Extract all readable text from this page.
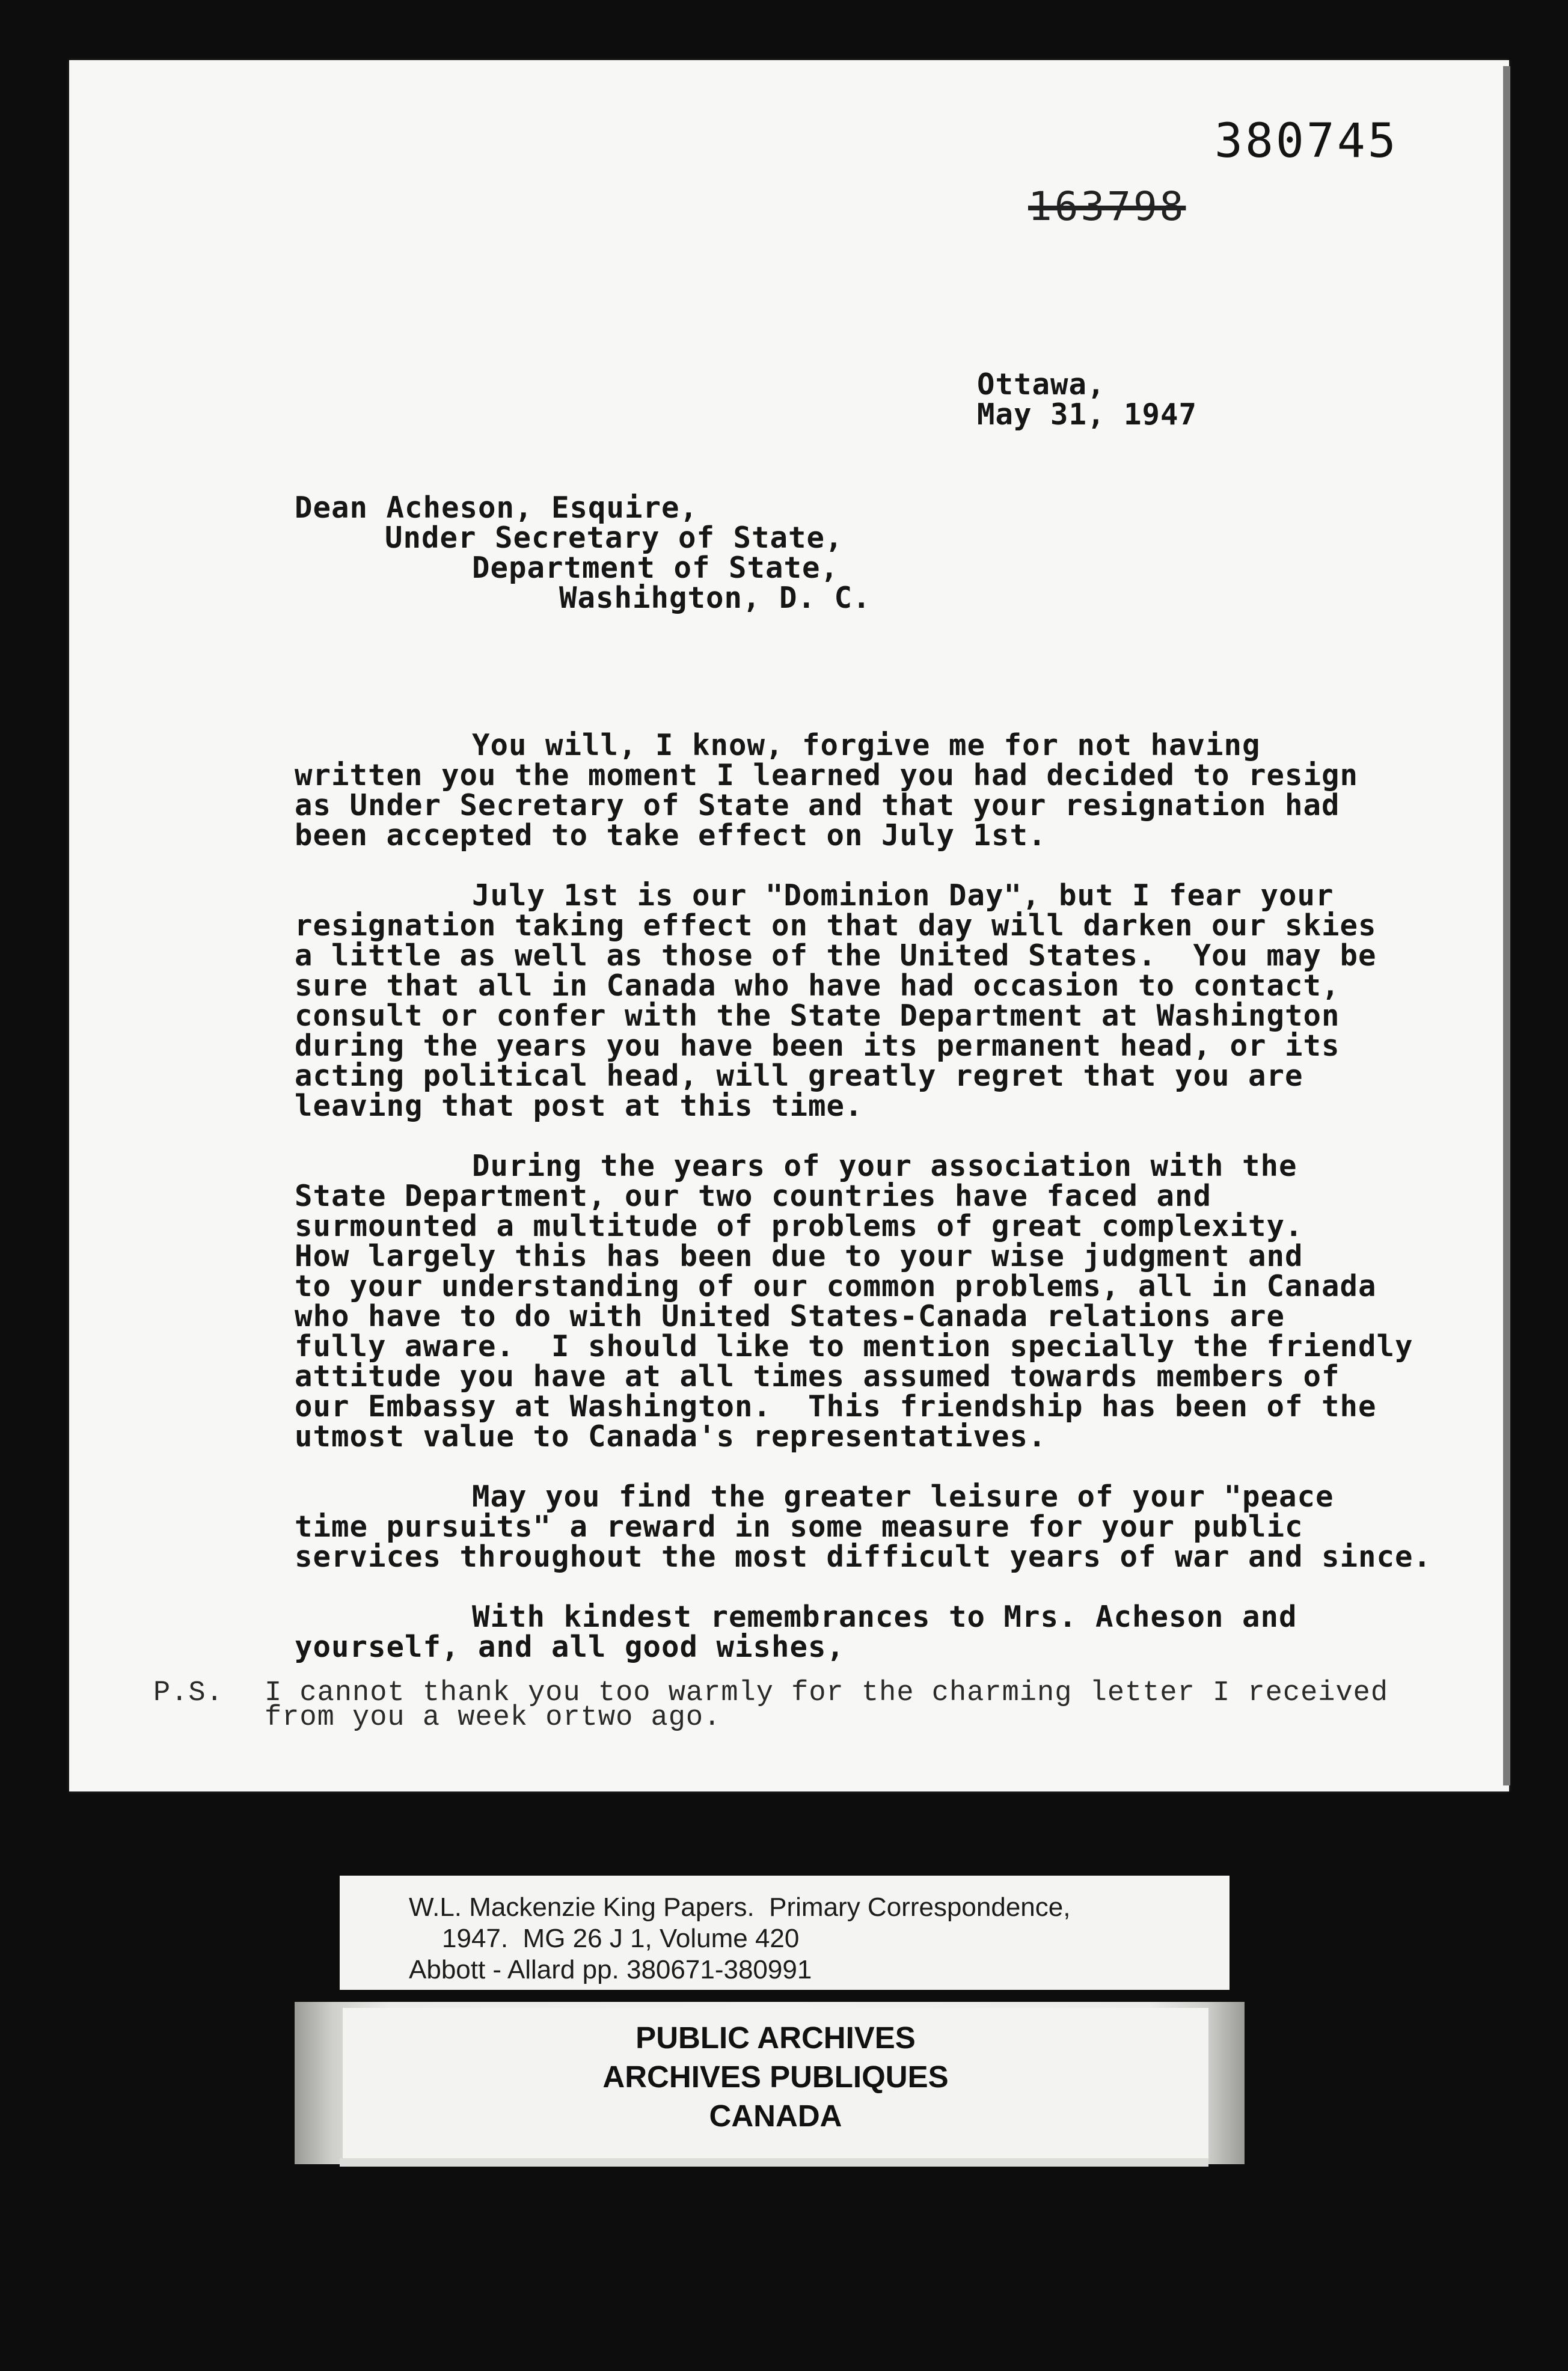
380745
163798
Ottawa,
May 31, 1947
Dean Acheson, Esquire,
Under Secretary of State,
Department of State,
Washihgton, D. C.
You will, I know, forgive me for not having
written you the moment I learned you had decided to resign
as Under Secretary of State and that your resignation had
been accepted to take effect on July 1st.
July 1st is our "Dominion Day", but I fear your
resignation taking effect on that day will darken our skies
a little as well as those of the United States.  You may be
sure that all in Canada who have had occasion to contact,
consult or confer with the State Department at Washington
during the years you have been its permanent head, or its
acting political head, will greatly regret that you are
leaving that post at this time.
During the years of your association with the
State Department, our two countries have faced and
surmounted a multitude of problems of great complexity.
How largely this has been due to your wise judgment and
to your understanding of our common problems, all in Canada
who have to do with United States-Canada relations are
fully aware.  I should like to mention specially the friendly
attitude you have at all times assumed towards members of
our Embassy at Washington.  This friendship has been of the
utmost value to Canada's representatives.
May you find the greater leisure of your "peace
time pursuits" a reward in some measure for your public
services throughout the most difficult years of war and since.
With kindest remembrances to Mrs. Acheson and
yourself, and all good wishes,
P.S. I cannot thank you too warmly for the charming letter I received
from you a week ortwo ago.
W.L. Mackenzie King Papers.  Primary Correspondence,
1947.  MG 26 J 1, Volume 420
Abbott - Allard pp. 380671-380991
PUBLIC ARCHIVES
ARCHIVES PUBLIQUES
CANADA
